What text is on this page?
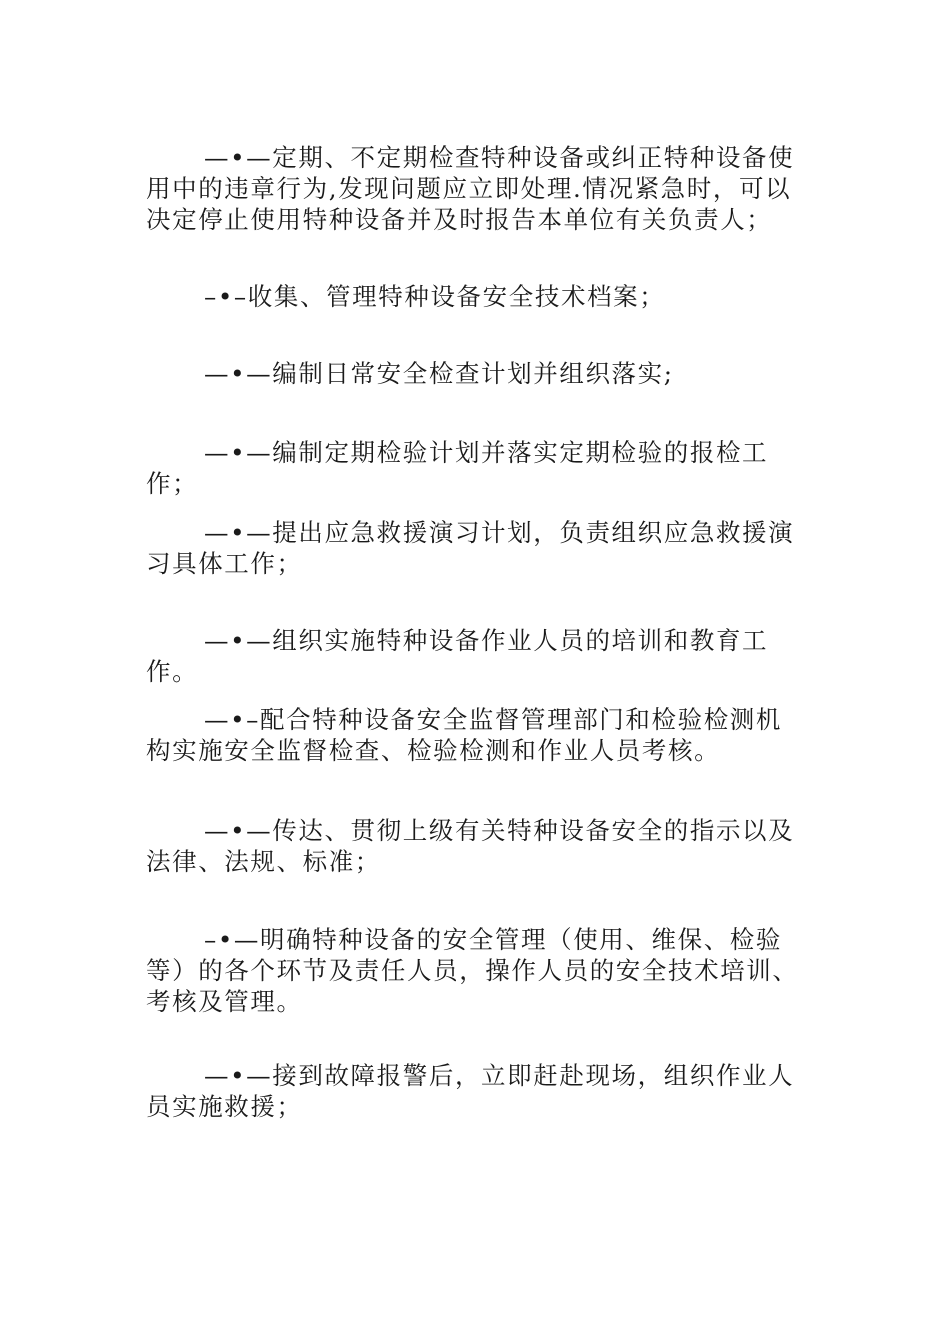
—•—定期、不定期检查特种设备或纠正特种设备使用中的违章行为,发现问题应立即处理.情况紧急时，可以决定停止使用特种设备并及时报告本单位有关负责人；

–•–收集、管理特种设备安全技术档案；

—•—编制日常安全检查计划并组织落实;

—•—编制定期检验计划并落实定期检验的报检工作；

—•—提出应急救援演习计划，负责组织应急救援演习具体工作；

—•—组织实施特种设备作业人员的培训和教育工作。

—•–配合特种设备安全监督管理部门和检验检测机构实施安全监督检查、检验检测和作业人员考核。

—•—传达、贯彻上级有关特种设备安全的指示以及法律、法规、标准；

–•—明确特种设备的安全管理（使用、维保、检验等）的各个环节及责任人员，操作人员的安全技术培训、考核及管理。

—•—接到故障报警后，立即赶赴现场，组织作业人员实施救援；
